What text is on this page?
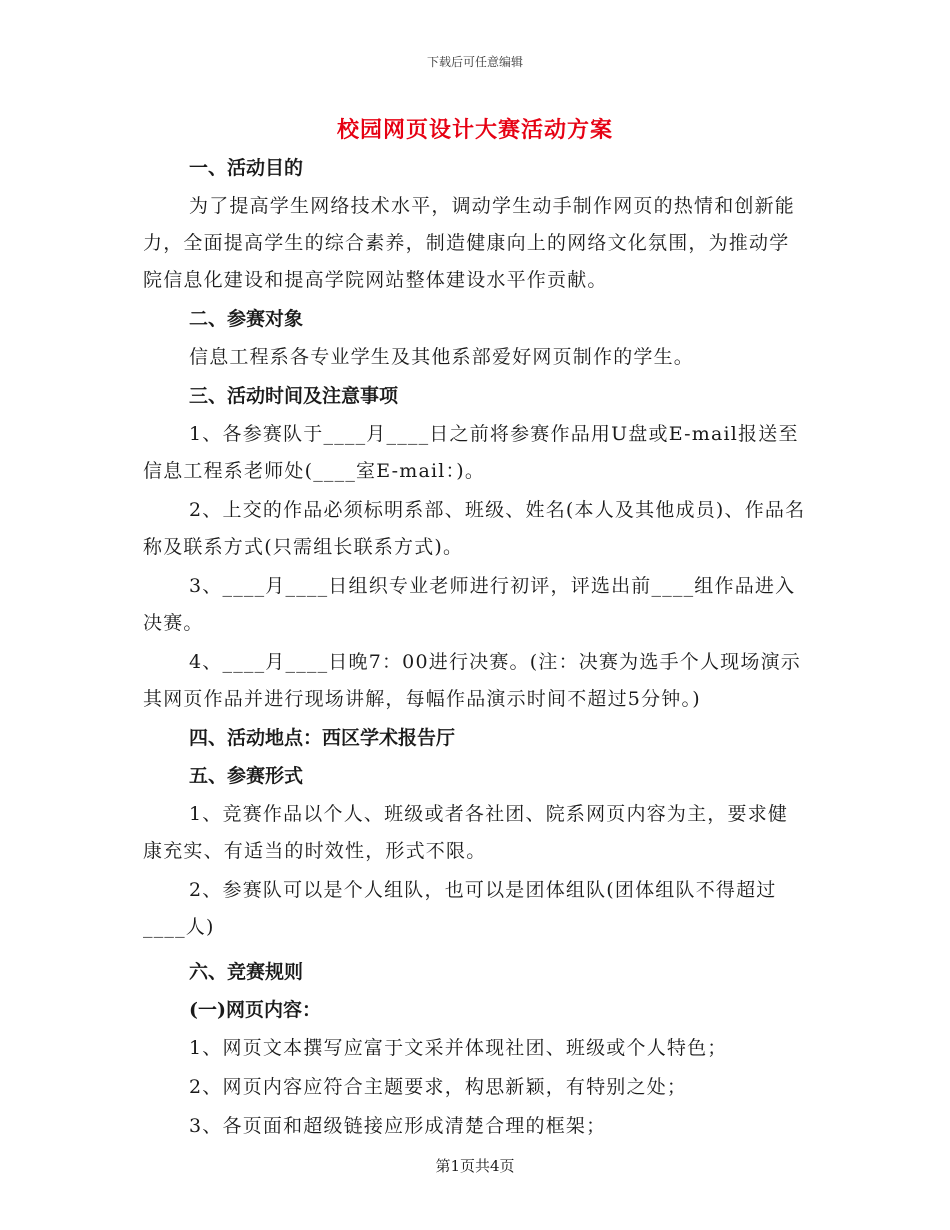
下载后可任意编辑
校园网页设计大赛活动方案
一、活动目的
为了提高学生网络技术水平，调动学生动手制作网页的热情和创新能力，全面提高学生的综合素养，制造健康向上的网络文化氛围，为推动学院信息化建设和提高学院网站整体建设水平作贡献。
二、参赛对象
信息工程系各专业学生及其他系部爱好网页制作的学生。
三、活动时间及注意事项
1、各参赛队于____月____日之前将参赛作品用U盘或E-mail报送至信息工程系老师处(____室E-mail：)。
2、上交的作品必须标明系部、班级、姓名(本人及其他成员)、作品名称及联系方式(只需组长联系方式)。
3、____月____日组织专业老师进行初评，评选出前____组作品进入决赛。
4、____月____日晚7：00进行决赛。(注：决赛为选手个人现场演示其网页作品并进行现场讲解，每幅作品演示时间不超过5分钟。)
四、活动地点：西区学术报告厅
五、参赛形式
1、竞赛作品以个人、班级或者各社团、院系网页内容为主，要求健康充实、有适当的时效性，形式不限。
2、参赛队可以是个人组队，也可以是团体组队(团体组队不得超过____人)
六、竞赛规则
(一)网页内容：
1、网页文本撰写应富于文采并体现社团、班级或个人特色；
2、网页内容应符合主题要求，构思新颖，有特别之处；
3、各页面和超级链接应形成清楚合理的框架；
第1页共4页
